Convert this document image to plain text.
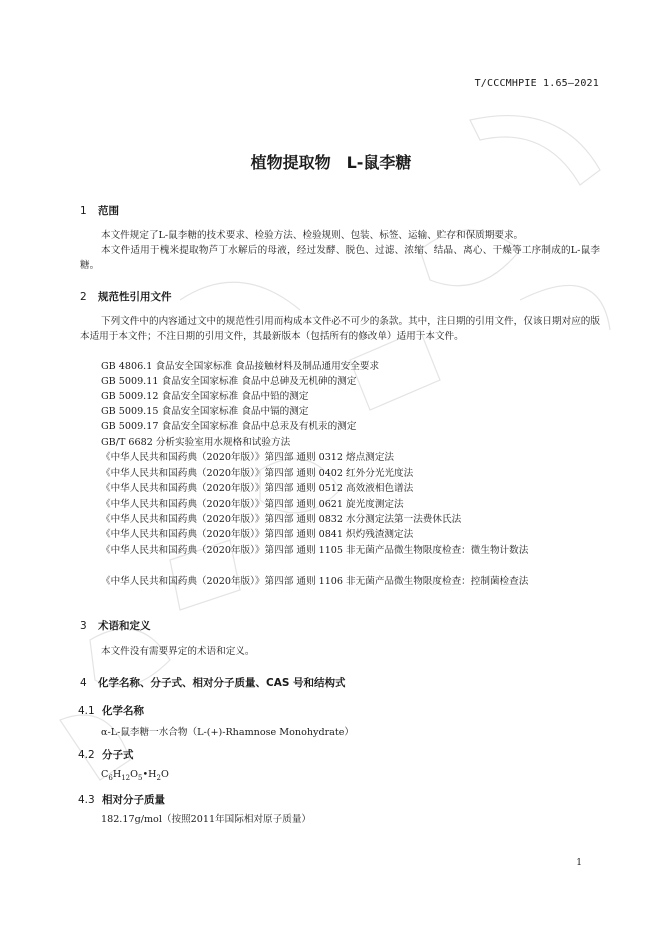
T/CCCMHPIE 1.65—2021
植物提取物　L-鼠李糖
1 范围
本文件规定了L-鼠李糖的技术要求、检验方法、检验规则、包装、标签、运输、贮存和保质期要求。
本文件适用于槐米提取物芦丁水解后的母液，经过发酵、脱色、过滤、浓缩、结晶、离心、干燥等工序制成的L-鼠李糖。
2 规范性引用文件
下列文件中的内容通过文中的规范性引用而构成本文件必不可少的条款。其中，注日期的引用文件，仅该日期对应的版本适用于本文件；不注日期的引用文件，其最新版本（包括所有的修改单）适用于本文件。
GB 4806.1 食品安全国家标准 食品接触材料及制品通用安全要求
GB 5009.11 食品安全国家标准 食品中总砷及无机砷的测定
GB 5009.12 食品安全国家标准 食品中铅的测定
GB 5009.15 食品安全国家标准 食品中镉的测定
GB 5009.17 食品安全国家标准 食品中总汞及有机汞的测定
GB/T 6682 分析实验室用水规格和试验方法
《中华人民共和国药典（2020年版）》第四部 通则 0312 熔点测定法
《中华人民共和国药典（2020年版）》第四部 通则 0402 红外分光光度法
《中华人民共和国药典（2020年版）》第四部 通则 0512 高效液相色谱法
《中华人民共和国药典（2020年版）》第四部 通则 0621 旋光度测定法
《中华人民共和国药典（2020年版）》第四部 通则 0832 水分测定法第一法费休氏法
《中华人民共和国药典（2020年版）》第四部 通则 0841 炽灼残渣测定法
《中华人民共和国药典（2020年版）》第四部 通则 1105 非无菌产品微生物限度检查：微生物计数法
《中华人民共和国药典（2020年版）》第四部 通则 1106 非无菌产品微生物限度检查：控制菌检查法
3 术语和定义
本文件没有需要界定的术语和定义。
4 化学名称、分子式、相对分子质量、CAS 号和结构式
4.1 化学名称
α-L-鼠李糖一水合物（L-(+)-Rhamnose Monohydrate）
4.2 分子式
$C_6H_{12}O_5•H_2O$
4.3 相对分子质量
182.17g/mol（按照2011年国际相对原子质量）
1
